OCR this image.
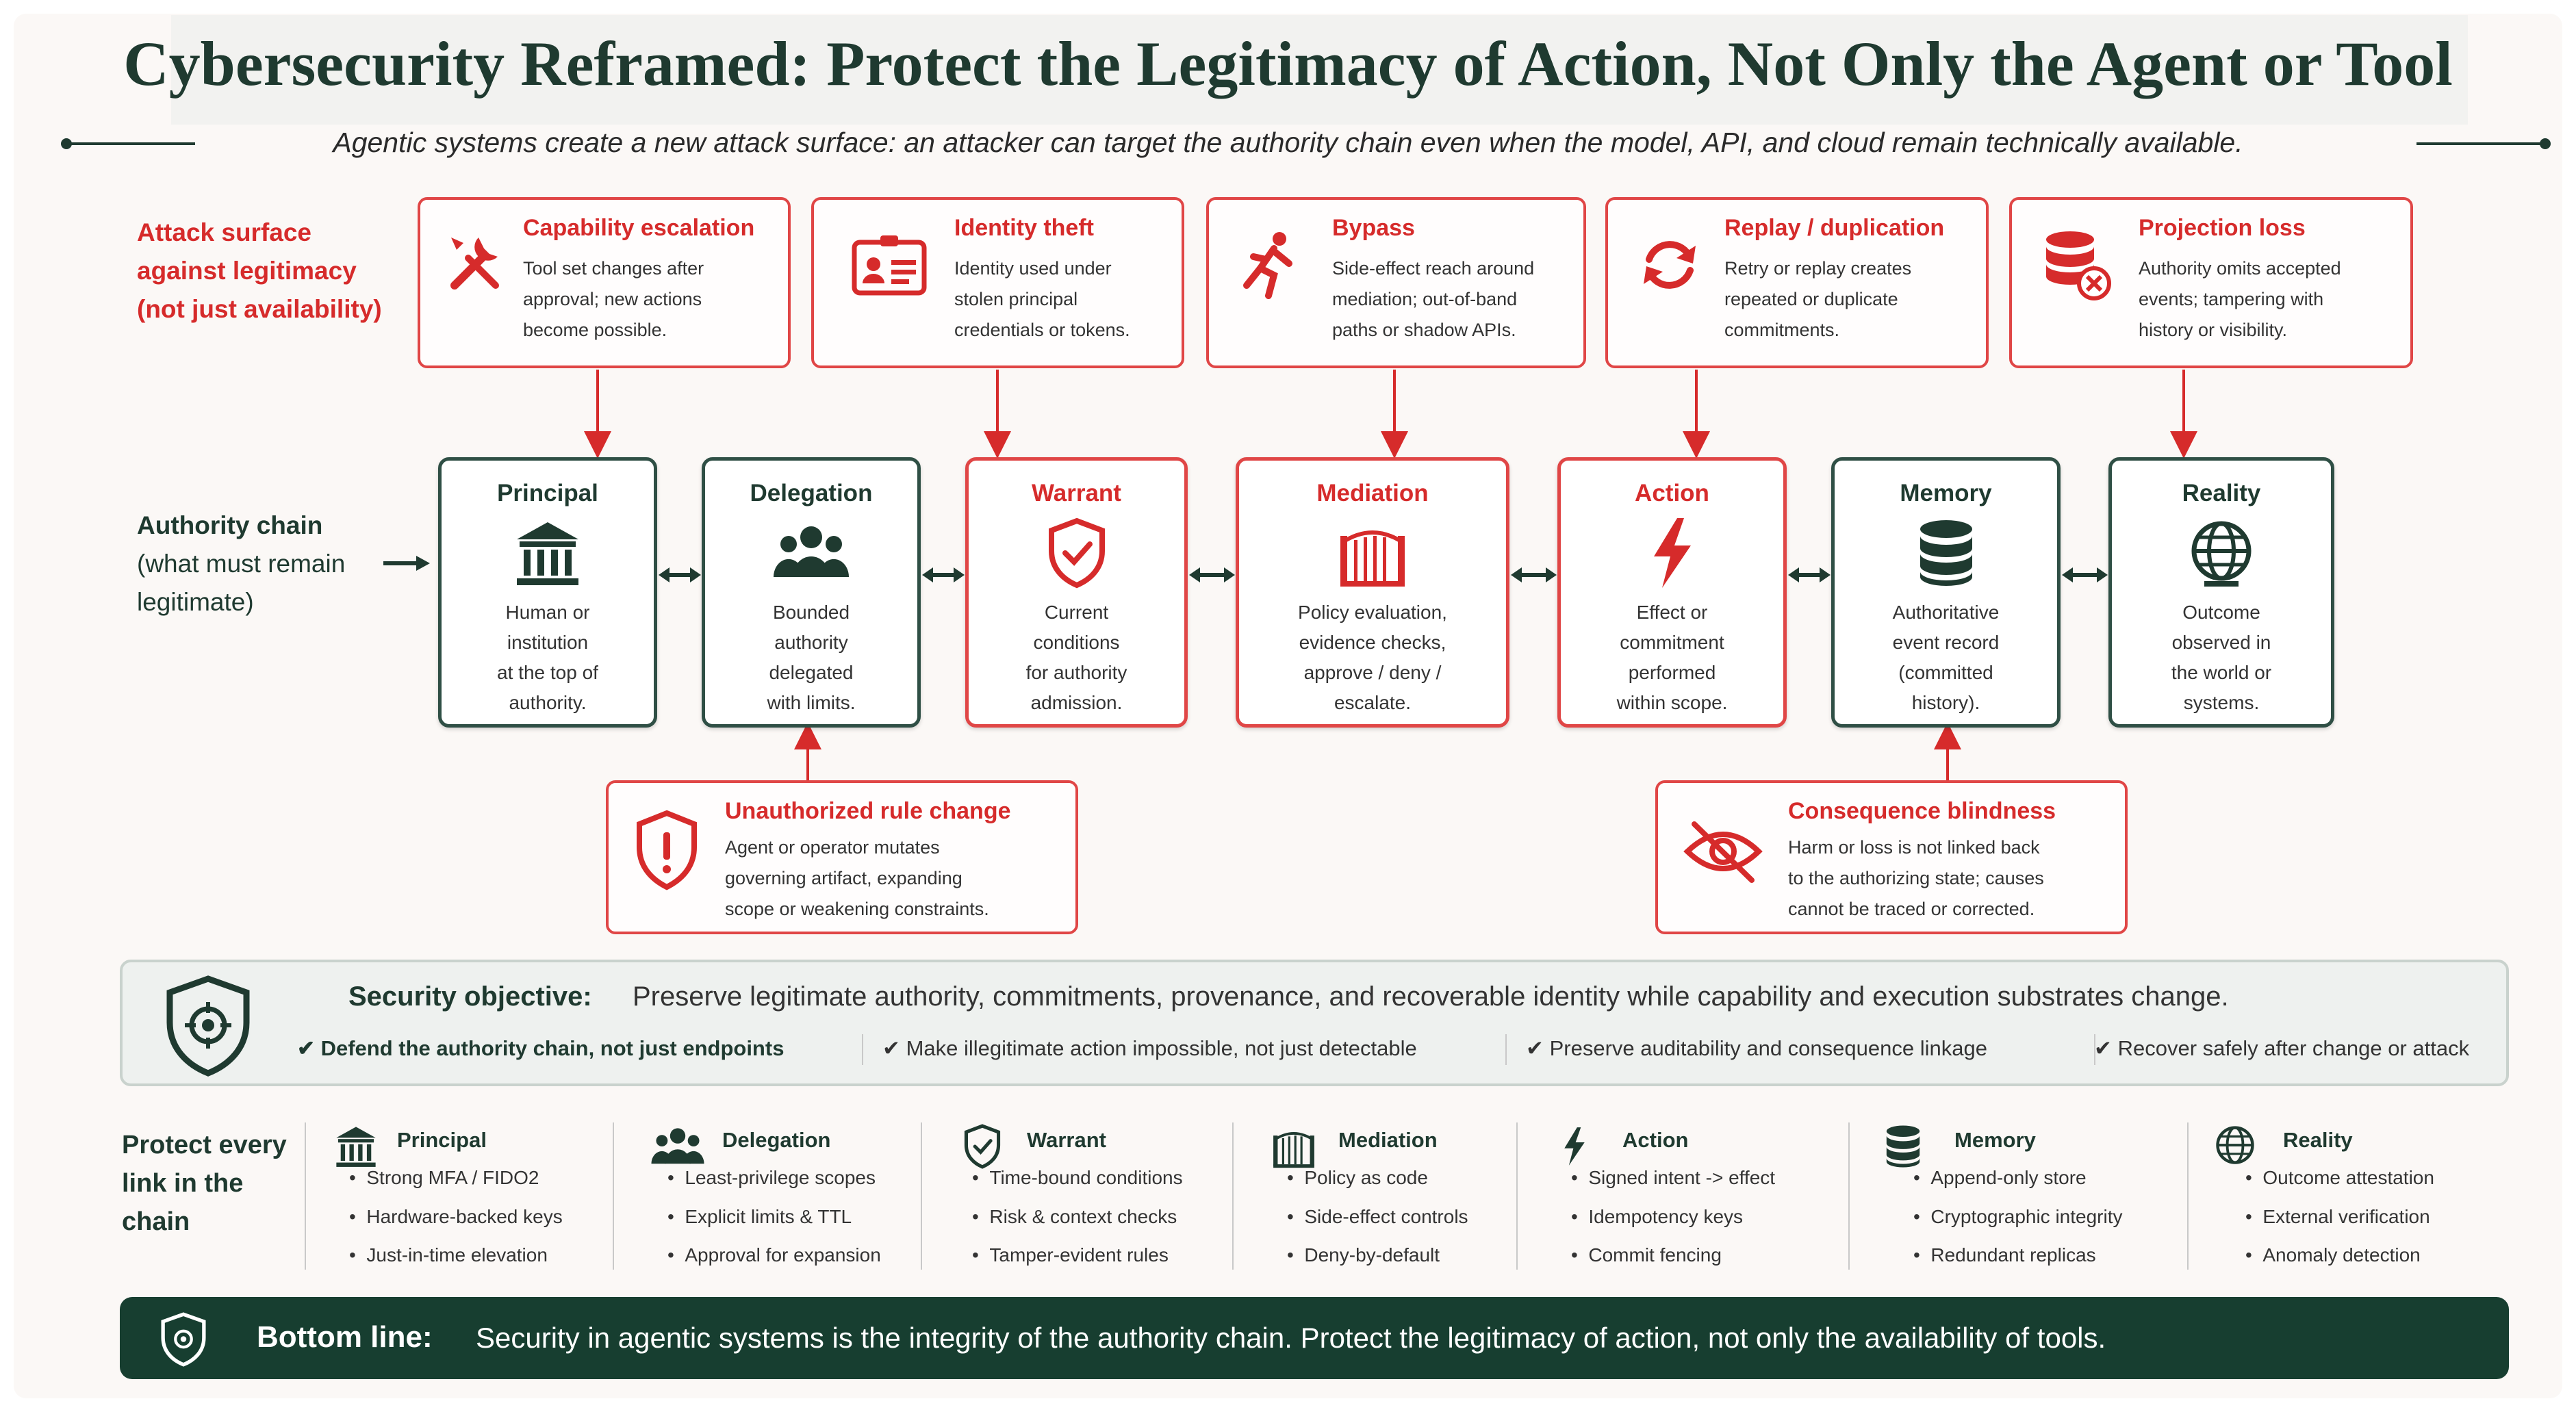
Cybersecurity Reframed: Protect the Legitimacy of Action, Not Only the Agent or Tool
Agentic systems create a new attack surface: an attacker can target the authority chain even when the model, API, and cloud remain technically available.
Attack surface
against legitimacy
(not just availability)
Capability escalation
Tool set changes after
approval; new actions
become possible.
Identity theft
Identity used under
stolen principal
credentials or tokens.
Bypass
Side-effect reach around
mediation; out-of-band
paths or shadow APIs.
Replay / duplication
Retry or replay creates
repeated or duplicate
commitments.
Projection loss
Authority omits accepted
events; tampering with
history or visibility.
Authority chain
(what must remain
legitimate)
Principal
Human or
institution
at the top of
authority.
Delegation
Bounded
authority
delegated
with limits.
Warrant
Current
conditions
for authority
admission.
Mediation
Policy evaluation,
evidence checks,
approve / deny /
escalate.
Action
Effect or
commitment
performed
within scope.
Memory
Authoritative
event record
(committed
history).
Reality
Outcome
observed in
the world or
systems.
Unauthorized rule change
Agent or operator mutates
governing artifact, expanding
scope or weakening constraints.
Consequence blindness
Harm or loss is not linked back
to the authorizing state; causes
cannot be traced or corrected.
Security objective: Preserve legitimate authority, commitments, provenance, and recoverable identity while capability and execution substrates change.
✔ Defend the authority chain, not just endpoints	✔ Make illegitimate action impossible, not just detectable	✔ Preserve auditability and consequence linkage	✔ Recover safely after change or attack
Protect every
link in the
chain
Principal
•  Strong MFA / FIDO2
•  Hardware-backed keys
•  Just-in-time elevation
Delegation
•  Least-privilege scopes
•  Explicit limits & TTL
•  Approval for expansion
Warrant
•  Time-bound conditions
•  Risk & context checks
•  Tamper-evident rules
Mediation
•  Policy as code
•  Side-effect controls
•  Deny-by-default
Action
•  Signed intent -> effect
•  Idempotency keys
•  Commit fencing
Memory
•  Append-only store
•  Cryptographic integrity
•  Redundant replicas
Reality
•  Outcome attestation
•  External verification
•  Anomaly detection
Bottom line: Security in agentic systems is the integrity of the authority chain. Protect the legitimacy of action, not only the availability of tools.
